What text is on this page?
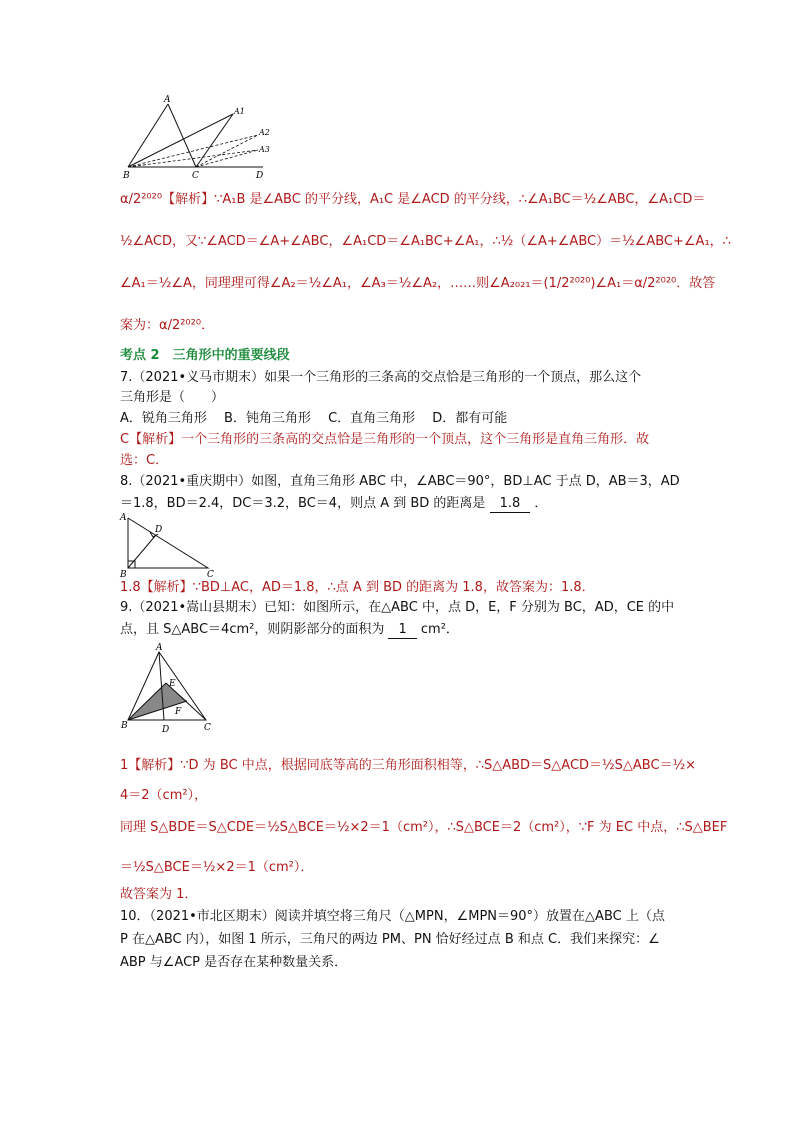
A
A1
A2
A3
B	C	D
α/2²⁰²⁰【解析】∵A₁B 是∠ABC 的平分线，A₁C 是∠ACD 的平分线，∴∠A₁BC＝½∠ABC，∠A₁CD＝
½∠ACD，又∵∠ACD＝∠A+∠ABC，∠A₁CD＝∠A₁BC+∠A₁，∴½（∠A+∠ABC）＝½∠ABC+∠A₁，∴
∠A₁＝½∠A，同理理可得∠A₂＝½∠A₁，∠A₃＝½∠A₂，……则∠A₂₀₂₁＝(1/2²⁰²⁰)∠A₁＝α/2²⁰²⁰．故答
案为：α/2²⁰²⁰．
考点 2　三角形中的重要线段
7.（2021•义马市期末）如果一个三角形的三条高的交点恰是三角形的一个顶点，那么这个
三角形是（　　）
A．锐角三角形　 B．钝角三角形　 C．直角三角形　 D．都有可能
C【解析】一个三角形的三条高的交点恰是三角形的一个顶点，这个三角形是直角三角形．故
选：C．
8.（2021•重庆期中）如图，直角三角形 ABC 中，∠ABC＝90°，BD⊥AC 于点 D，AB＝3，AD
＝1.8，BD＝2.4，DC＝3.2，BC＝4，则点 A 到 BD 的距离是 1.8 ．
A
D
B	C
1.8【解析】∵BD⊥AC，AD＝1.8，∴点 A 到 BD 的距离为 1.8，故答案为：1.8．
9.（2021•嵩山县期末）已知：如图所示，在△ABC 中，点 D，E，F 分别为 BC，AD，CE 的中
点，且 S△ABC＝4cm²，则阴影部分的面积为 1 cm²．
A
E
F
B	D	C
1【解析】∵D 为 BC 中点，根据同底等高的三角形面积相等，∴S△ABD＝S△ACD＝½S△ABC＝½×
4＝2（cm²），
同理 S△BDE＝S△CDE＝½S△BCE＝½×2＝1（cm²），∴S△BCE＝2（cm²），∵F 为 EC 中点，∴S△BEF
＝½S△BCE＝½×2＝1（cm²）．
故答案为 1．
10．（2021•市北区期末）阅读并填空将三角尺（△MPN，∠MPN＝90°）放置在△ABC 上（点
P 在△ABC 内），如图 1 所示，三角尺的两边 PM、PN 恰好经过点 B 和点 C．我们来探究：∠
ABP 与∠ACP 是否存在某种数量关系．
